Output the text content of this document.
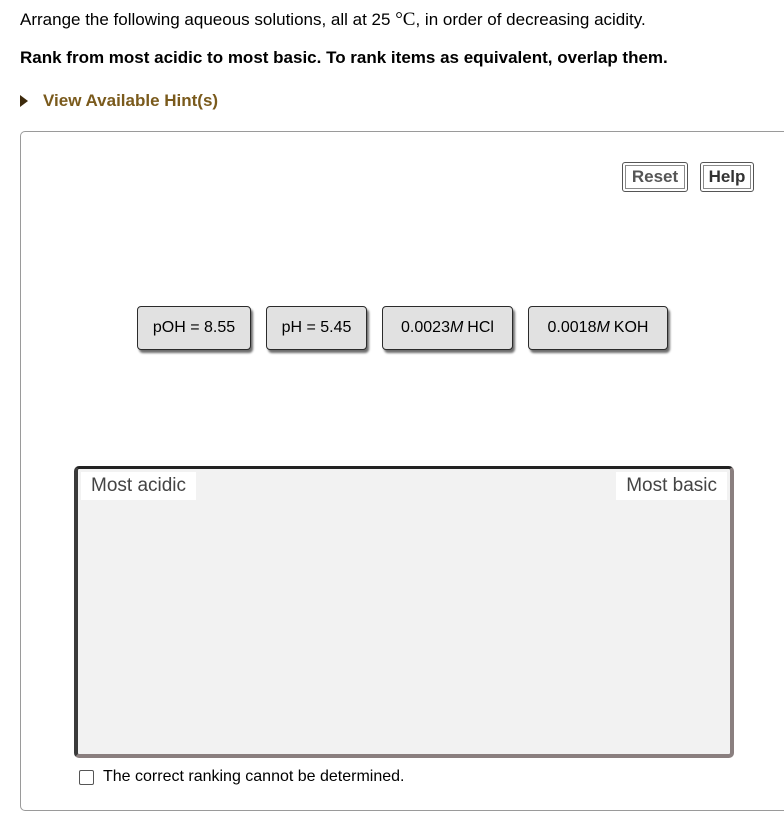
Arrange the following aqueous solutions, all at 25 °C, in order of decreasing acidity.
Rank from most acidic to most basic. To rank items as equivalent, overlap them.
View Available Hint(s)
Reset	Help
pOH = 8.55	pH = 5.45	0.0023 M HCl	0.0018 M KOH
Most acidic	Most basic
The correct ranking cannot be determined.
